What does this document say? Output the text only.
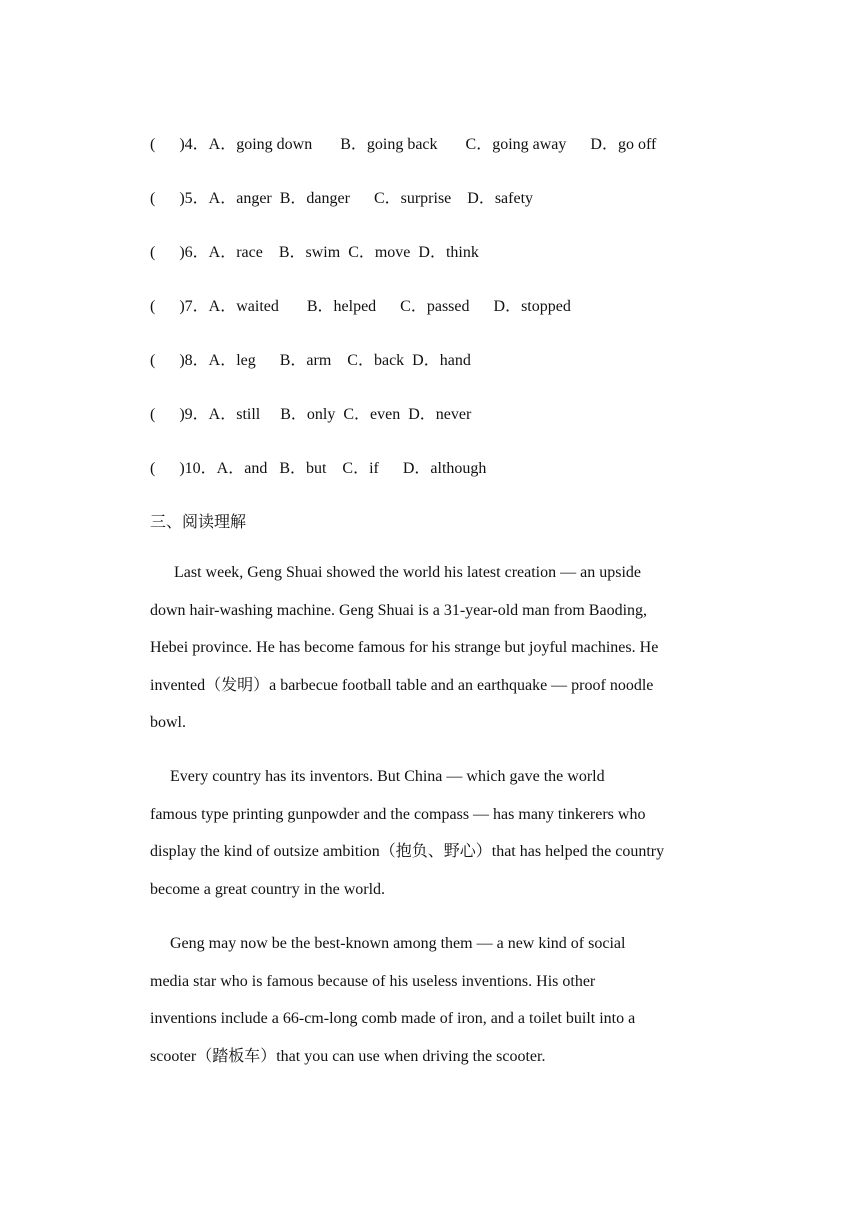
(      )4．A．going down       B．going back       C．going away      D．go off
(      )5．A．anger  B．danger      C．surprise    D．safety
(      )6．A．race    B．swim  C．move  D．think
(      )7．A．waited       B．helped      C．passed      D．stopped
(      )8．A．leg      B．arm    C．back  D．hand
(      )9．A．still     B．only  C．even  D．never
(      )10．A．and   B．but    C．if      D．although
三、阅读理解
Last week, Geng Shuai showed the world his latest creation — an upside
down hair-washing machine. Geng Shuai is a 31-year-old man from Baoding,
Hebei province. He has become famous for his strange but joyful machines. He
invented（发明）a barbecue football table and an earthquake — proof noodle
bowl.
Every country has its inventors. But China — which gave the world
famous type printing gunpowder and the compass — has many tinkerers who
display the kind of outsize ambition（抱负、野心）that has helped the country
become a great country in the world.
Geng may now be the best-known among them — a new kind of social
media star who is famous because of his useless inventions. His other
inventions include a 66-cm-long comb made of iron, and a toilet built into a
scooter（踏板车）that you can use when driving the scooter.
